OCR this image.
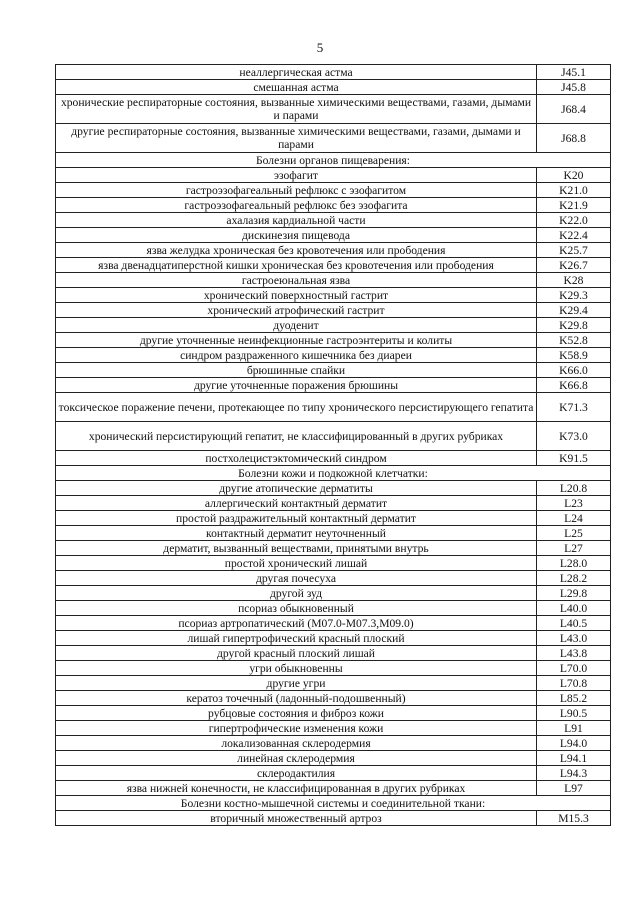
5
неаллергическая астма	J45.1
смешанная астма	J45.8
хронические респираторные состояния, вызванные химическими веществами, газами, дымами и парами	J68.4
другие респираторные состояния, вызванные химическими веществами, газами, дымами и парами	J68.8
Болезни органов пищеварения:	
эзофагит	K20
гастроэзофагеальный рефлюкс с эзофагитом	K21.0
гастроэзофагеальный рефлюкс без эзофагита	K21.9
ахалазия кардиальной части	K22.0
дискинезия пищевода	K22.4
язва желудка хроническая без кровотечения или прободения	K25.7
язва двенадцатиперстной кишки хроническая без кровотечения или прободения	K26.7
гастроеюнальная язва	K28
хронический поверхностный гастрит	K29.3
хронический атрофический гастрит	K29.4
дуоденит	K29.8
другие уточненные неинфекционные гастроэнтериты и колиты	K52.8
синдром раздраженного кишечника без диареи	K58.9
брюшинные спайки	K66.0
другие уточненные поражения брюшины	K66.8
токсическое поражение печени, протекающее по типу хронического персистирующего гепатита	K71.3
хронический персистирующий гепатит, не классифицированный в других рубриках	K73.0
постхолецистэктомический синдром	K91.5
Болезни кожи и подкожной клетчатки:	
другие атопические дерматиты	L20.8
аллергический контактный дерматит	L23
простой раздражительный контактный дерматит	L24
контактный дерматит неуточненный	L25
дерматит, вызванный веществами, принятыми внутрь	L27
простой хронический лишай	L28.0
другая почесуха	L28.2
другой зуд	L29.8
псориаз обыкновенный	L40.0
псориаз артропатический (M07.0-M07.3,M09.0)	L40.5
лишай гипертрофический красный плоский	L43.0
другой красный плоский лишай	L43.8
угри обыкновенны	L70.0
другие угри	L70.8
кератоз точечный (ладонный-подошвенный)	L85.2
рубцовые состояния и фиброз кожи	L90.5
гипертрофические изменения кожи	L91
локализованная склеродермия	L94.0
линейная склеродермия	L94.1
склеродактилия	L94.3
язва нижней конечности, не классифицированная в других рубриках	L97
Болезни костно-мышечной системы и соединительной ткани:	
вторичный множественный артроз	M15.3
